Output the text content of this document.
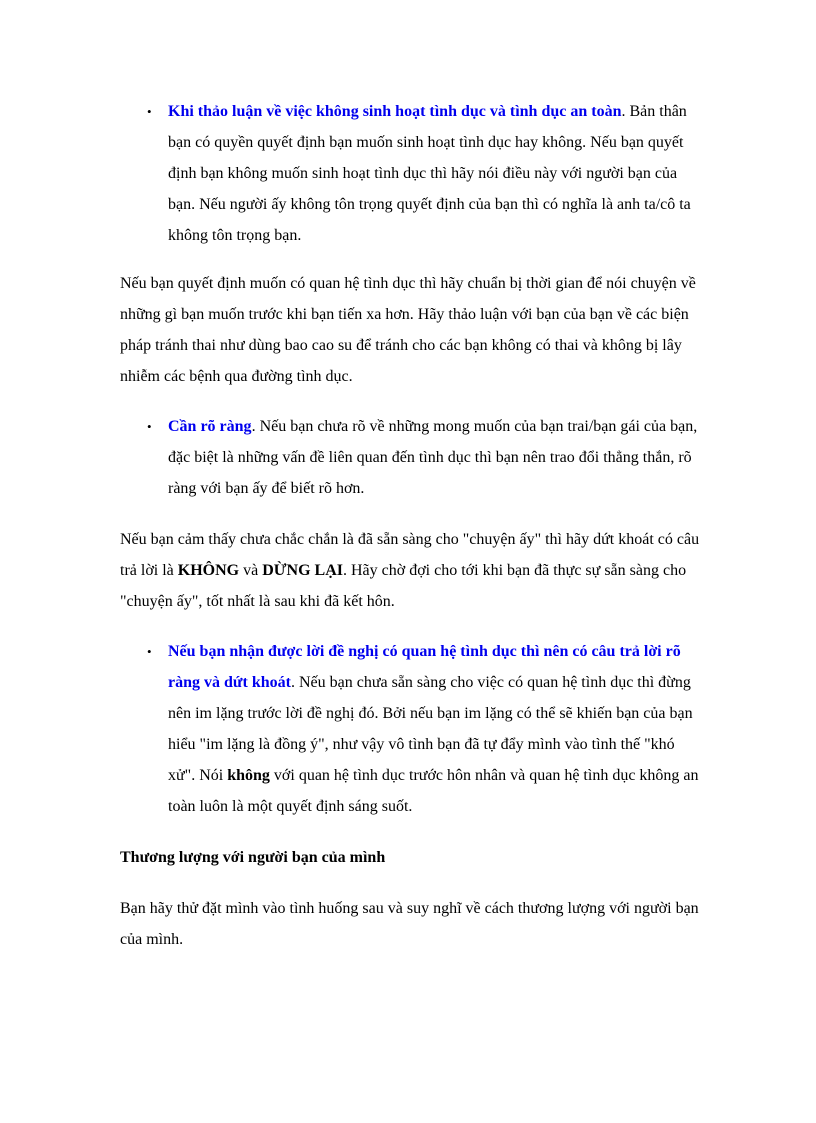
• Khi thảo luận về việc không sinh hoạt tình dục và tình dục an toàn. Bản thân bạn có quyền quyết định bạn muốn sinh hoạt tình dục hay không. Nếu bạn quyết định bạn không muốn sinh hoạt tình dục thì hãy nói điều này với người bạn của bạn. Nếu người ấy không tôn trọng quyết định của bạn thì có nghĩa là anh ta/cô ta không tôn trọng bạn.

Nếu bạn quyết định muốn có quan hệ tình dục thì hãy chuẩn bị thời gian để nói chuyện về những gì bạn muốn trước khi bạn tiến xa hơn. Hãy thảo luận với bạn của bạn về các biện pháp tránh thai như dùng bao cao su để tránh cho các bạn không có thai và không bị lây nhiễm các bệnh qua đường tình dục.

• Cần rõ ràng. Nếu bạn chưa rõ về những mong muốn của bạn trai/bạn gái của bạn, đặc biệt là những vấn đề liên quan đến tình dục thì bạn nên trao đổi thẳng thắn, rõ ràng với bạn ấy để biết rõ hơn.

Nếu bạn cảm thấy chưa chắc chắn là đã sẵn sàng cho "chuyện ấy" thì hãy dứt khoát có câu trả lời là KHÔNG và DỪNG LẠI. Hãy chờ đợi cho tới khi bạn đã thực sự sẵn sàng cho "chuyện ấy", tốt nhất là sau khi đã kết hôn.

• Nếu bạn nhận được lời đề nghị có quan hệ tình dục thì nên có câu trả lời rõ ràng và dứt khoát. Nếu bạn chưa sẵn sàng cho việc có quan hệ tình dục thì đừng nên im lặng trước lời đề nghị đó. Bởi nếu bạn im lặng có thể sẽ khiến bạn của bạn hiểu "im lặng là đồng ý", như vậy vô tình bạn đã tự đẩy mình vào tình thế "khó xử". Nói không với quan hệ tình dục trước hôn nhân và quan hệ tình dục không an toàn luôn là một quyết định sáng suốt.

Thương lượng với người bạn của mình

Bạn hãy thử đặt mình vào tình huống sau và suy nghĩ về cách thương lượng với người bạn của mình.
